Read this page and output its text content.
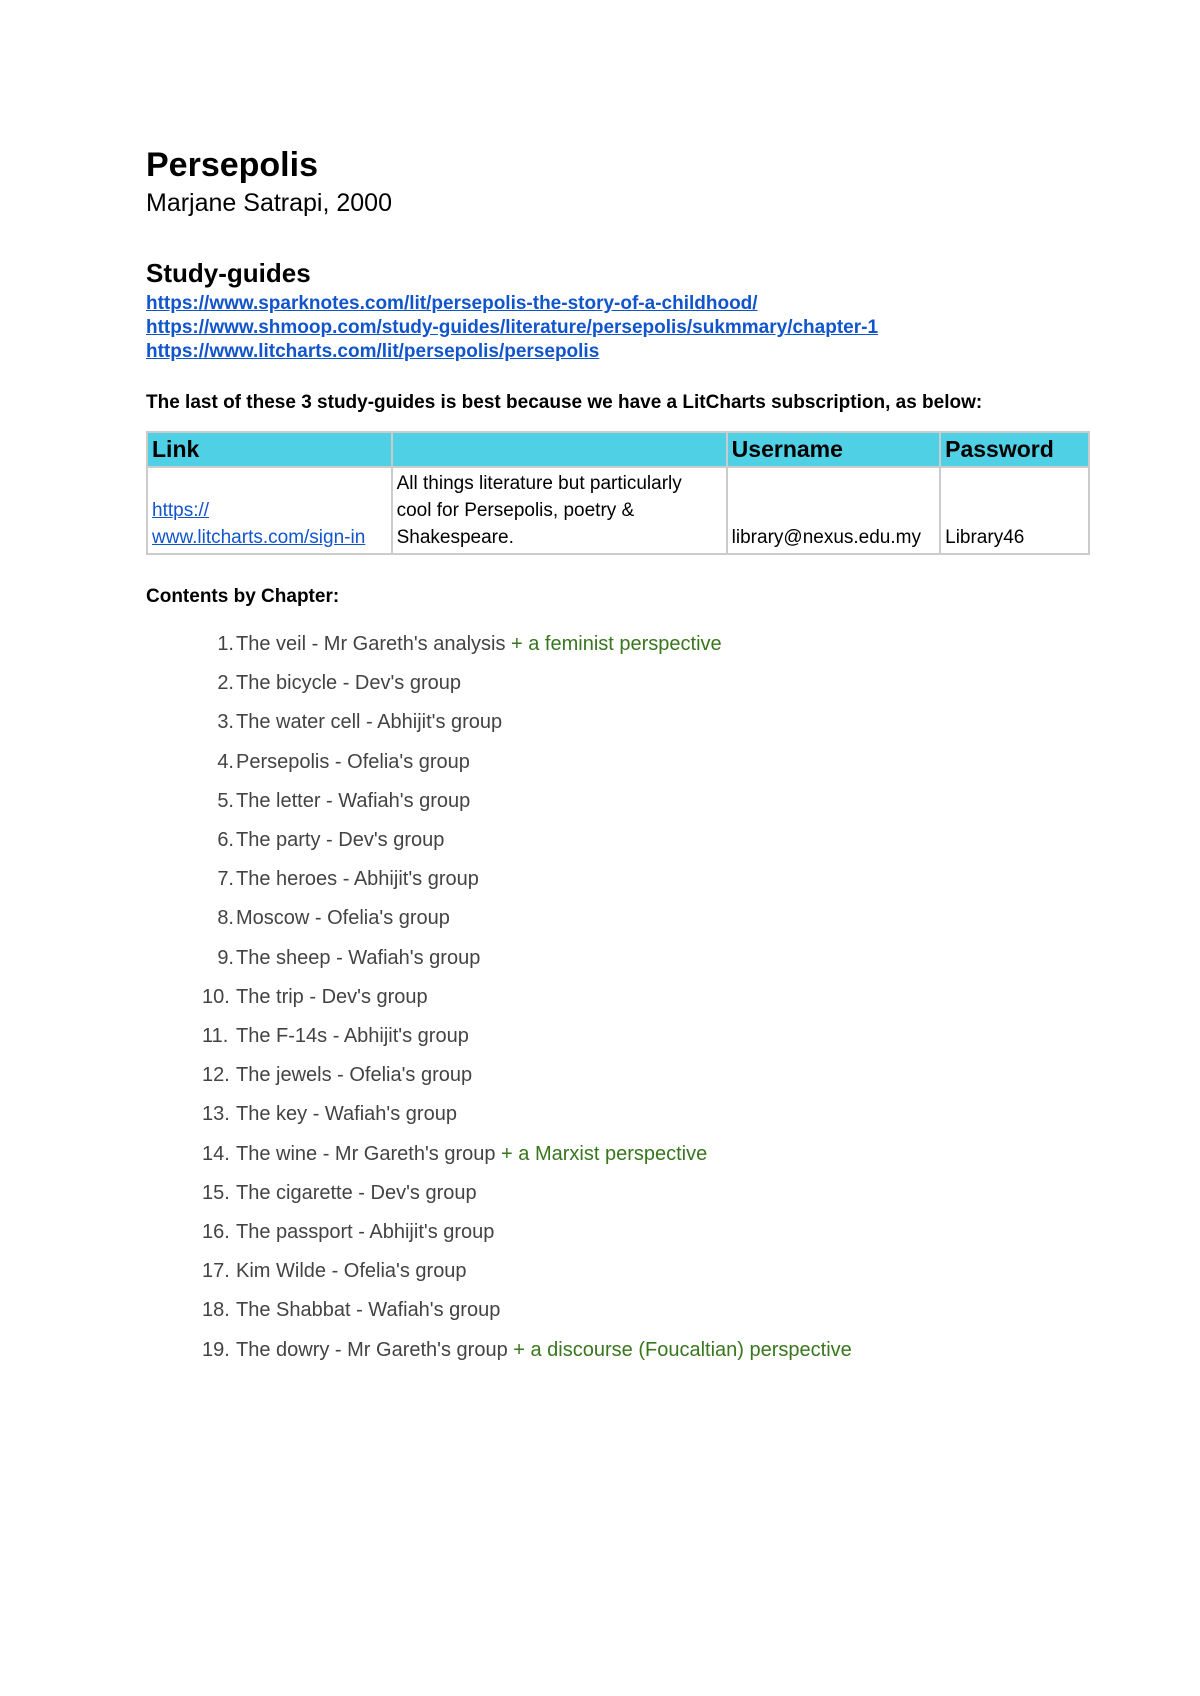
Persepolis

Marjane Satrapi, 2000

Study-guides
https://www.sparknotes.com/lit/persepolis-the-story-of-a-childhood/
https://www.shmoop.com/study-guides/literature/persepolis/sukmmary/chapter-1
https://www.litcharts.com/lit/persepolis/persepolis

The last of these 3 study-guides is best because we have a LitCharts subscription, as below:

Link		Username	Password
https://
www.litcharts.com/sign-in	All things literature but particularly cool for Persepolis, poetry & Shakespeare.	library@nexus.edu.my	Library46

Contents by Chapter:

1. The veil - Mr Gareth's analysis + a feminist perspective
2. The bicycle - Dev's group
3. The water cell - Abhijit's group
4. Persepolis - Ofelia's group
5. The letter - Wafiah's group
6. The party - Dev's group
7. The heroes - Abhijit's group
8. Moscow - Ofelia's group
9. The sheep - Wafiah's group
10. The trip - Dev's group
11. The F-14s - Abhijit's group
12. The jewels - Ofelia's group
13. The key - Wafiah's group
14. The wine - Mr Gareth's group + a Marxist perspective
15. The cigarette - Dev's group
16. The passport - Abhijit's group
17. Kim Wilde - Ofelia's group
18. The Shabbat - Wafiah's group
19. The dowry - Mr Gareth's group + a discourse (Foucaltian) perspective
